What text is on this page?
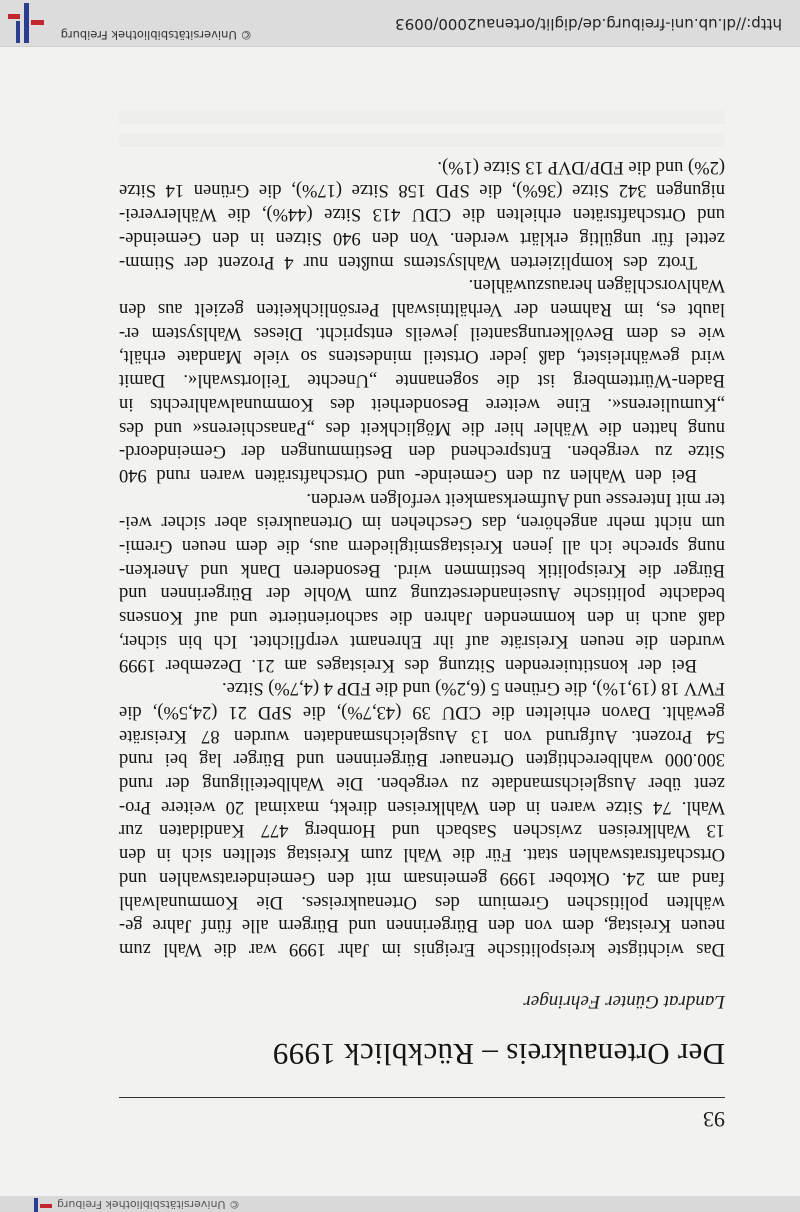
© Universitätsbibliothek Freiburg
93
Der Ortenaukreis – Rückblick 1999
Landrat Günter Fehringer
Das wichtigste kreispolitische Ereignis im Jahr 1999 war die Wahl zum
neuen Kreistag, dem von den Bürgerinnen und Bürgern alle fünf Jahre ge-
wählten politischen Gremium des Ortenaukreises. Die Kommunalwahl
fand am 24. Oktober 1999 gemeinsam mit den Gemeinderatswahlen und
Ortschaftsratswahlen statt. Für die Wahl zum Kreistag stellten sich in den
13 Wahlkreisen zwischen Sasbach und Hornberg 477 Kandidaten zur
Wahl. 74 Sitze waren in den Wahlkreisen direkt, maximal 20 weitere Pro-
zent über Ausgleichsmandate zu vergeben. Die Wahlbeteiligung der rund
300.000 wahlberechtigten Ortenauer Bürgerinnen und Bürger lag bei rund
54 Prozent. Aufgrund von 13 Ausgleichsmandaten wurden 87 Kreisräte
gewählt. Davon erhielten die CDU 39 (43,7%), die SPD 21 (24,5%), die
FWV 18 (19,1%), die Grünen 5 (6,2%) und die FDP 4 (4,7%) Sitze.
Bei der konstituierenden Sitzung des Kreistages am 21. Dezember 1999
wurden die neuen Kreisräte auf ihr Ehrenamt verpflichtet. Ich bin sicher,
daß auch in den kommenden Jahren die sachorientierte und auf Konsens
bedachte politische Auseinandersetzung zum Wohle der Bürgerinnen und
Bürger die Kreispolitik bestimmen wird. Besonderen Dank und Anerken-
nung spreche ich all jenen Kreistagsmitgliedern aus, die dem neuen Gremi-
um nicht mehr angehören, das Geschehen im Ortenaukreis aber sicher wei-
ter mit Interesse und Aufmerksamkeit verfolgen werden.
Bei den Wahlen zu den Gemeinde- und Ortschaftsräten waren rund 940
Sitze zu vergeben. Entsprechend den Bestimmungen der Gemeindeord-
nung hatten die Wähler hier die Möglichkeit des „Panaschierens« und des
„Kumulierens«. Eine weitere Besonderheit des Kommunalwahlrechts in
Baden-Württemberg ist die sogenannte „Unechte Teilortswahl«. Damit
wird gewährleistet, daß jeder Ortsteil mindestens so viele Mandate erhält,
wie es dem Bevölkerungsanteil jeweils entspricht. Dieses Wahlsystem er-
laubt es, im Rahmen der Verhältniswahl Persönlichkeiten gezielt aus den
Wahlvorschlägen herauszuwählen.
Trotz des komplizierten Wahlsystems mußten nur 4 Prozent der Stimm-
zettel für ungültig erklärt werden. Von den 940 Sitzen in den Gemeinde-
und Ortschaftsräten erhielten die CDU 413 Sitze (44%), die Wählerverei-
nigungen 342 Sitze (36%), die SPD 158 Sitze (17%), die Grünen 14 Sitze
(2%) und die FDP/DVP 13 Sitze (1%).
http://dl.ub.uni-freiburg.de/diglit/ortenau2000/0093
© Universitätsbibliothek Freiburg
